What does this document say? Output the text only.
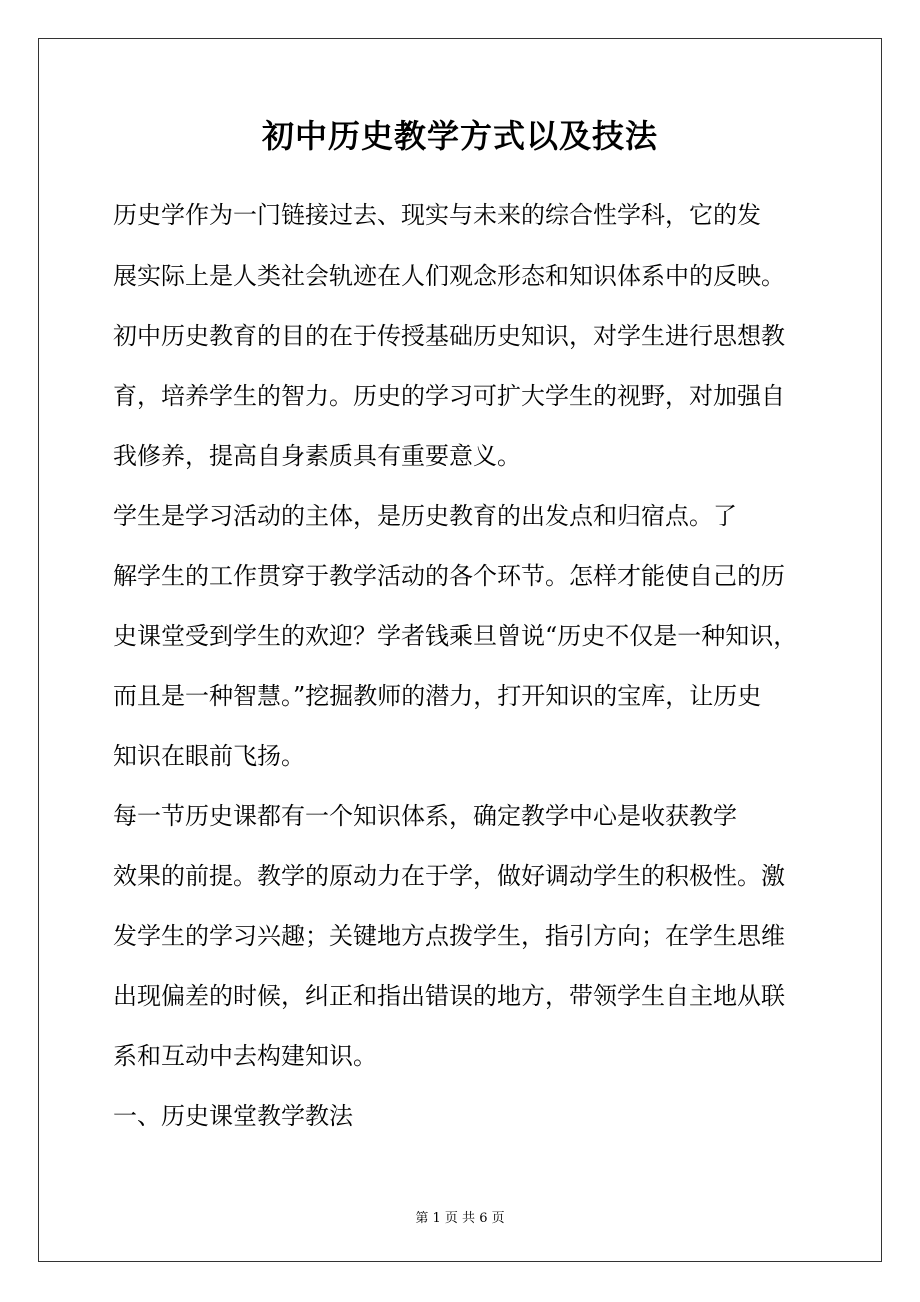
初中历史教学方式以及技法
历史学作为一门链接过去、现实与未来的综合性学科，它的发
展实际上是人类社会轨迹在人们观念形态和知识体系中的反映。
初中历史教育的目的在于传授基础历史知识，对学生进行思想教
育，培养学生的智力。历史的学习可扩大学生的视野，对加强自
我修养，提高自身素质具有重要意义。
学生是学习活动的主体，是历史教育的出发点和归宿点。了
解学生的工作贯穿于教学活动的各个环节。怎样才能使自己的历
史课堂受到学生的欢迎？学者钱乘旦曾说“历史不仅是一种知识，
而且是一种智慧。”挖掘教师的潜力，打开知识的宝库，让历史
知识在眼前飞扬。
每一节历史课都有一个知识体系，确定教学中心是收获教学
效果的前提。教学的原动力在于学，做好调动学生的积极性。激
发学生的学习兴趣；关键地方点拨学生，指引方向；在学生思维
出现偏差的时候，纠正和指出错误的地方，带领学生自主地从联
系和互动中去构建知识。
一、历史课堂教学教法
第 1 页 共 6 页
